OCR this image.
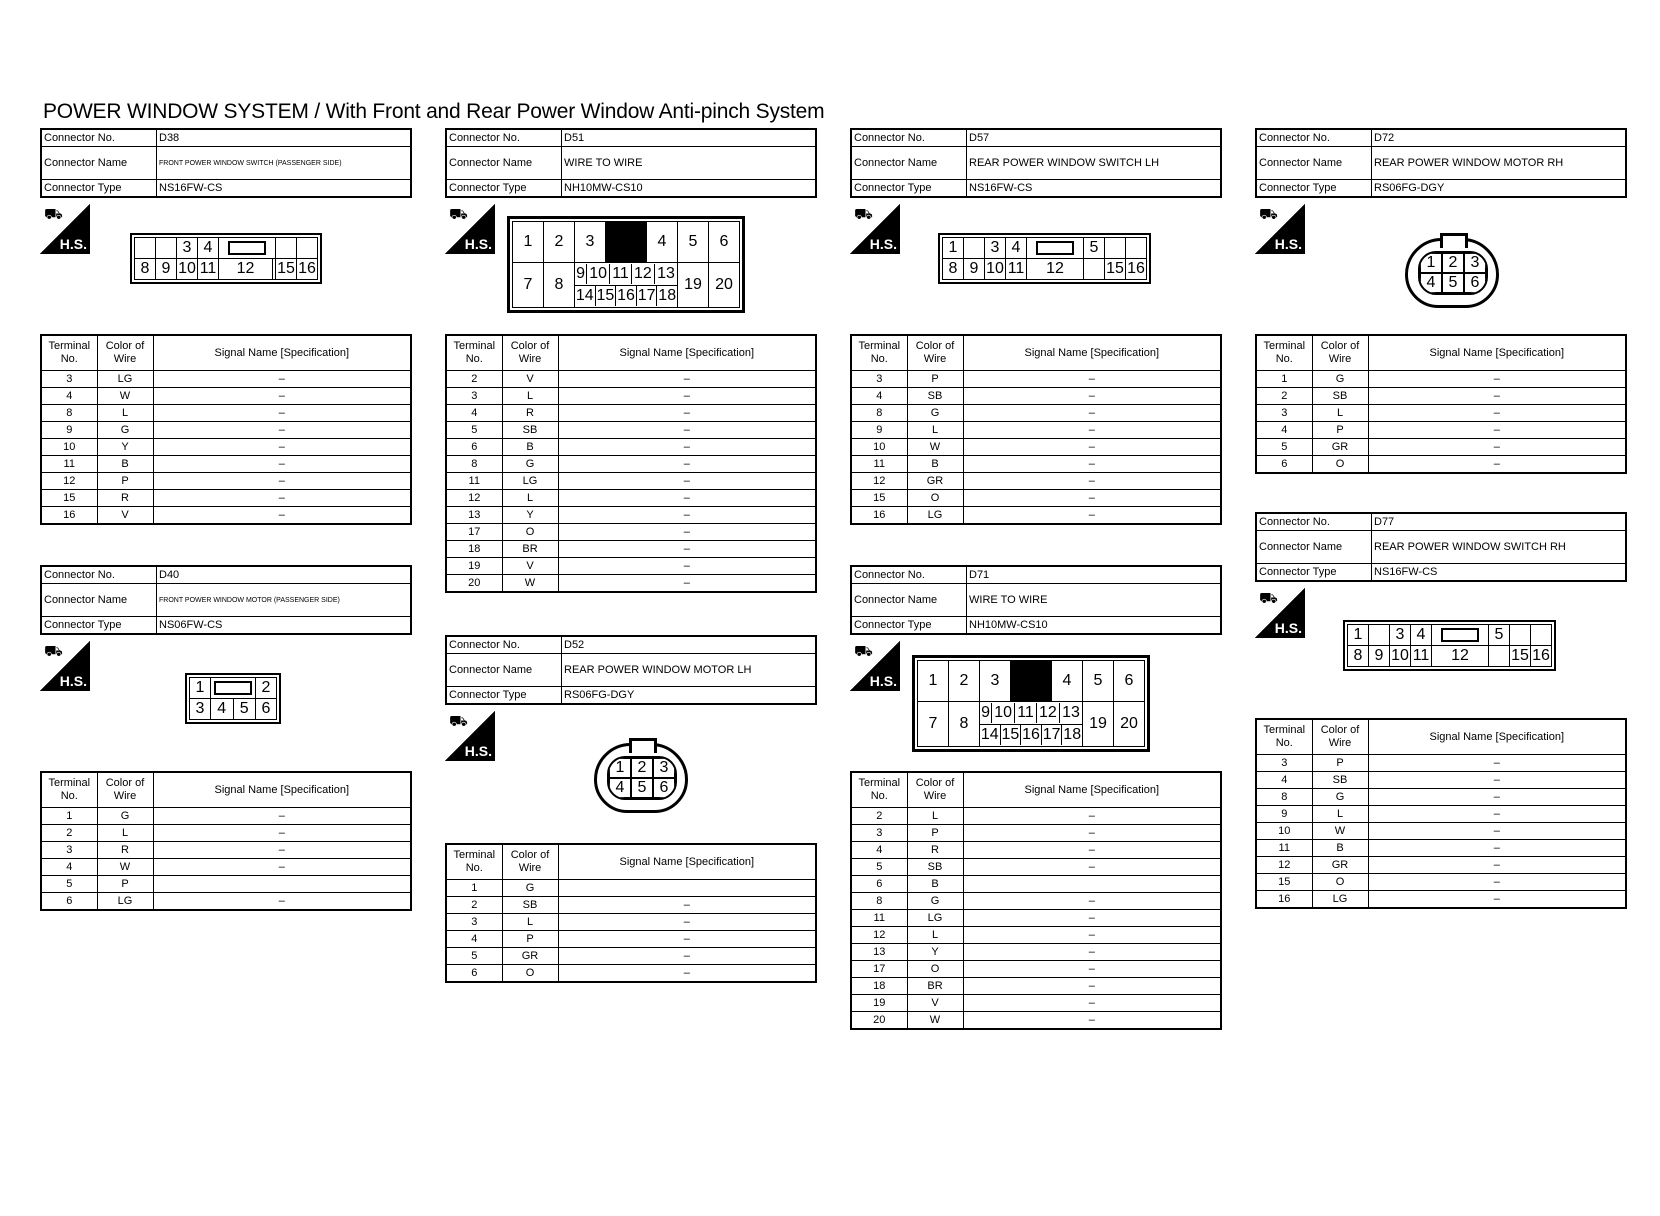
POWER WINDOW SYSTEM / With Front and Rear Power Window Anti-pinch System
Connector No.	D38
Connector Name	FRONT POWER WINDOW SWITCH (PASSENGER SIDE)
Connector Type	NS16FW-CS
⛟
H.S.
			3	4		

8	9	10	11	12		15	16
Terminal No.	Color of Wire	Signal Name [Specification]
3	LG	–
4	W	–
8	L	–
9	G	–
10	Y	–
11	B	–
12	P	–
15	R	–
16	V	–
Connector No.	D40
Connector Name	FRONT POWER WINDOW MOTOR (PASSENGER SIDE)
Connector Type	NS06FW-CS
⛟
H.S.	1			2
3	4	5	6
Terminal No.	Color of Wire	Signal Name [Specification]
1	G	–
2	L	–
3	R	–
4	W	–
5	P	
6	LG	–
Connector No.	D51
Connector Name	WIRE TO WIRE
Connector Type	NH10MW-CS10
⛟
H.S. 1	2	3		4	5	6
7	8	
9	10	11	12	13
	19	20

14	15	16	17	18
Terminal No.	Color of Wire	Signal Name [Specification]
2	V	–
3	L	–
4	R	–
5	SB	–
6	B	–
8	G	–
11	LG	–
12	L	–
13	Y	–
17	O	–
18	BR	–
19	V	–
20	W	–
Connector No.	D52
Connector Name	REAR POWER WINDOW MOTOR LH
Connector Type	RS06FG-DGY
⛟
H.S.
1 2 3
4 5 6
Terminal No.	Color of Wire	Signal Name [Specification]
1	G	
2	SB	–
3	L	–
4	P	–
5	GR	–
6	O	–
Connector No.	D57
Connector Name	REAR POWER WINDOW SWITCH LH
Connector Type	NS16FW-CS
⛟
H.S.	1		3	4		5		
8	9	10	11	12		15	16
Terminal No.	Color of Wire	Signal Name [Specification]
3	P	–
4	SB	–
8	G	–
9	L	–
10	W	–
11	B	–
12	GR	–
15	O	–
16	LG	–
Connector No.	D71
Connector Name	WIRE TO WIRE
Connector Type	NH10MW-CS10
⛟
H.S. 1	2	3		4	5	6
7	8	
9	10	11	12	13
	19	20

14	15	16	17	18
Terminal No.	Color of Wire	Signal Name [Specification]
2	L	–
3	P	–
4	R	–
5	SB	–
6	B	
8	G	–
11	LG	–
12	L	–
13	Y	–
17	O	–
18	BR	–
19	V	–
20	W	–
Connector No.	D72
Connector Name	REAR POWER WINDOW MOTOR RH
Connector Type	RS06FG-DGY
⛟
H.S.
1 2 3
4 5 6
Terminal No.	Color of Wire	Signal Name [Specification]
1	G	–
2	SB	–
3	L	–
4	P	–
5	GR	–
6	O	–
Connector No.	D77
Connector Name	REAR POWER WINDOW SWITCH RH
Connector Type	NS16FW-CS
⛟
H.S.	1		3	4		5		
8	9	10	11	12		15	16
Terminal No.	Color of Wire	Signal Name [Specification]
3	P	–
4	SB	–
8	G	–
9	L	–
10	W	–
11	B	–
12	GR	–
15	O	–
16	LG	–
